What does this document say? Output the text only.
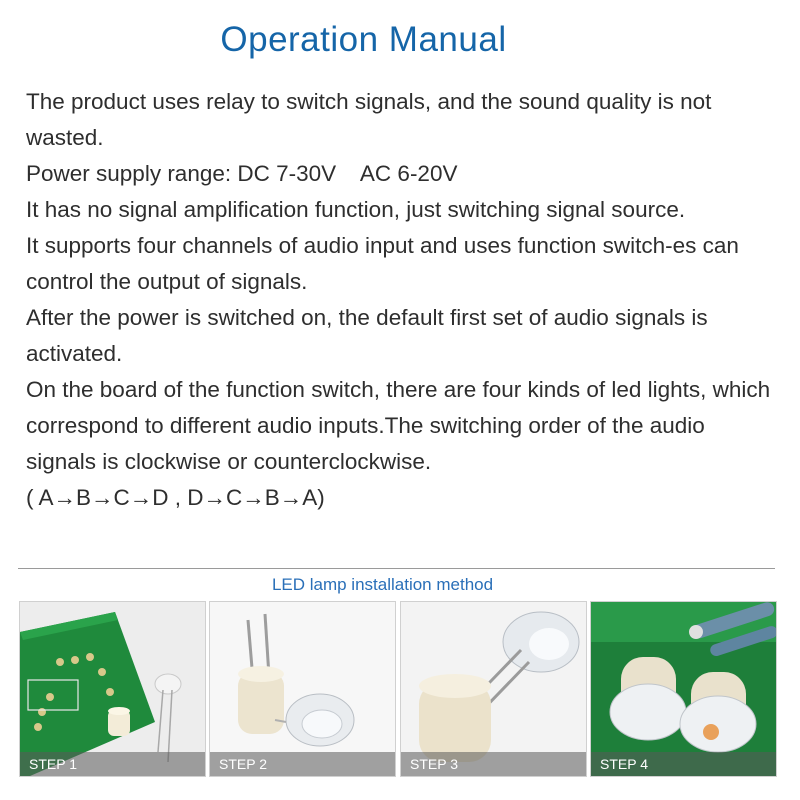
Operation Manual

The product uses relay to switch signals, and the sound quality is not wasted.

Power supply range: DC 7-30V    AC 6-20V

It has no signal amplification function, just switching signal source.

It supports four channels of audio input and uses function switch-es can control the output of signals.

After the power is switched on, the default first set of audio signals is activated.

On the board of the function switch, there are four kinds of led lights, which correspond to different audio inputs.The switching order of the audio signals is clockwise or counterclockwise.

( A→B→C→D , D→C→B→A)

LED lamp installation method
STEP 1	STEP 2	STEP 3	STEP 4
